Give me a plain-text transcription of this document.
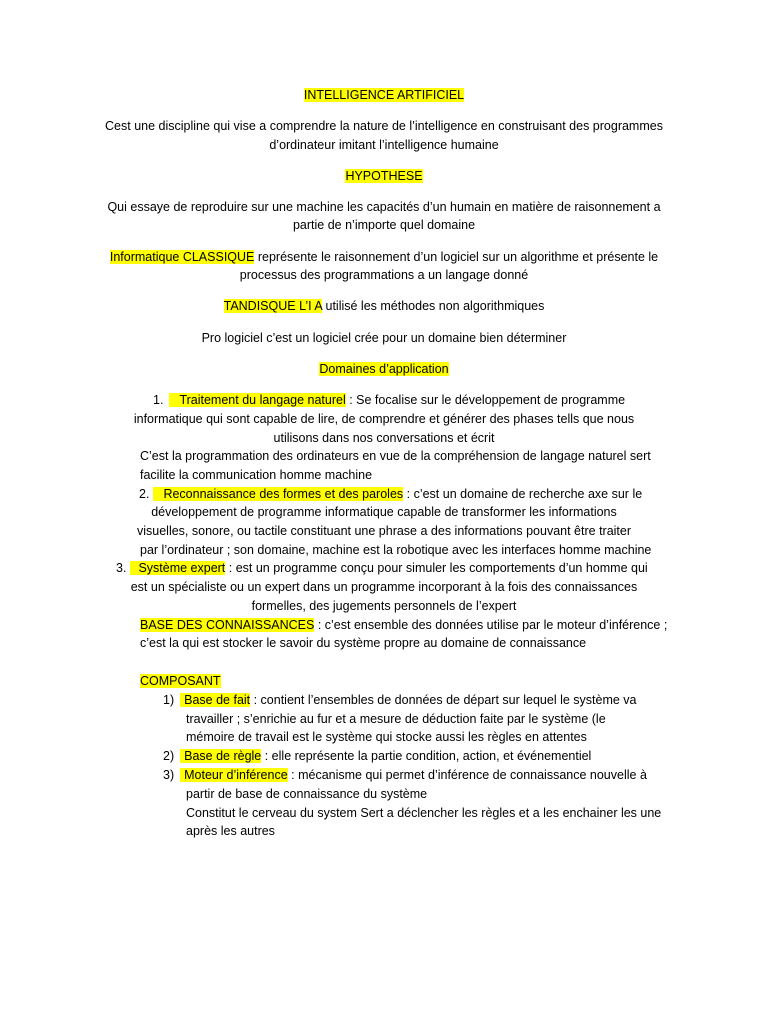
INTELLIGENCE ARTIFICIEL
Cest une discipline qui vise a comprendre la nature de l’intelligence en construisant des programmes
d’ordinateur imitant l’intelligence humaine
HYPOTHESE
Qui essaye de reproduire sur une machine les capacités d’un humain en matière de raisonnement a
partie de n’importe quel domaine
Informatique CLASSIQUE représente le raisonnement d’un logiciel sur un algorithme et présente le
processus des programmations a un langage donné
TANDISQUE L’I A utilisé les méthodes non algorithmiques
Pro logiciel c’est un logiciel crée pour un domaine bien déterminer
Domaines d’application
1. Traitement du langage naturel : Se focalise sur le développement de programme
informatique qui sont capable de lire, de comprendre et générer des phases tells que nous
utilisons dans nos conversations et écrit
C’est la programmation des ordinateurs en vue de la compréhension de langage naturel sert
facilite la communication homme machine
2. Reconnaissance des formes et des paroles : c’est un domaine de recherche axe sur le
développement de programme informatique capable de transformer les informations
visuelles, sonore, ou tactile constituant une phrase a des informations pouvant être traiter
par l’ordinateur ; son domaine, machine est la robotique avec les interfaces homme machine
3. Système expert : est un programme conçu pour simuler les comportements d’un homme qui
est un spécialiste ou un expert dans un programme incorporant à la fois des connaissances
formelles, des jugements personnels de l’expert
BASE DES CONNAISSANCES : c’est ensemble des données utilise par le moteur d’inférence ;
c’est la qui est stocker le savoir du système propre au domaine de connaissance
COMPOSANT
1) Base de fait : contient l’ensembles de données de départ sur lequel le système va
travailler ; s’enrichie au fur et a mesure de déduction faite par le système (le
mémoire de travail est le système qui stocke aussi les règles en attentes
2) Base de règle : elle représente la partie condition, action, et événementiel
3) Moteur d’inférence : mécanisme qui permet d’inférence de connaissance nouvelle à
partir de base de connaissance du système
Constitut le cerveau du system Sert a déclencher les règles et a les enchainer les une
après les autres
